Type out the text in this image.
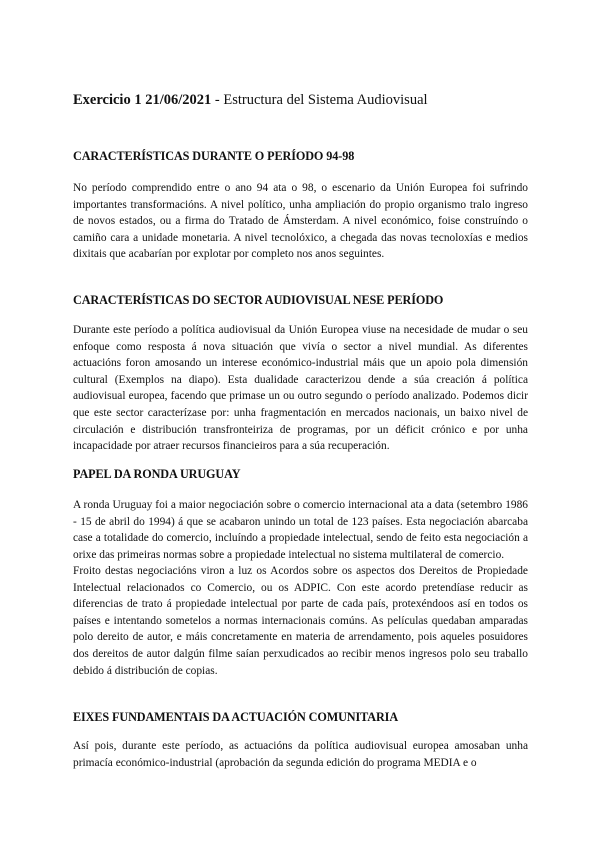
Exercicio 1 21/06/2021 - Estructura del Sistema Audiovisual
CARACTERÍSTICAS DURANTE O PERÍODO 94-98

No período comprendido entre o ano 94 ata o 98, o escenario da Unión Europea foi sufrindo importantes transformacións. A nivel político, unha ampliación do propio organismo tralo ingreso de novos estados, ou a firma do Tratado de Ámsterdam. A nivel económico, foise construíndo o camiño cara a unidade monetaria. A nivel tecnolóxico, a chegada das novas tecnoloxías e medios dixitais que acabarían por explotar por completo nos anos seguintes.

CARACTERÍSTICAS DO SECTOR AUDIOVISUAL NESE PERÍODO

Durante este período a política audiovisual da Unión Europea viuse na necesidade de mudar o seu enfoque como resposta á nova situación que vivía o sector a nivel mundial. As diferentes actuacións foron amosando un interese económico-industrial máis que un apoio pola dimensión cultural (Exemplos na diapo). Esta dualidade caracterizou dende a súa creación á política audiovisual europea, facendo que primase un ou outro segundo o período analizado. Podemos dicir que este sector caracterízase por: unha fragmentación en mercados nacionais, un baixo nivel de circulación e distribución transfronteiriza de programas, por un déficit crónico e por unha incapacidade por atraer recursos financieiros para a súa recuperación.

PAPEL DA RONDA URUGUAY

A ronda Uruguay foi a maior negociación sobre o comercio internacional ata a data (setembro 1986 - 15 de abril do 1994) á que se acabaron unindo un total de 123 países. Esta negociación abarcaba case a totalidade do comercio, incluíndo a propiedade intelectual, sendo de feito esta negociación a orixe das primeiras normas sobre a propiedade intelectual no sistema multilateral de comercio.

Froito destas negociacións viron a luz os Acordos sobre os aspectos dos Dereitos de Propiedade Intelectual relacionados co Comercio, ou os ADPIC. Con este acordo pretendíase reducir as diferencias de trato á propiedade intelectual por parte de cada país, protexéndoos así en todos os países e intentando sometelos a normas internacionais comúns. As películas quedaban amparadas polo dereito de autor, e máis concretamente en materia de arrendamento, pois aqueles posuidores dos dereitos de autor dalgún filme saían perxudicados ao recibir menos ingresos polo seu traballo debido á distribución de copias.

EIXES FUNDAMENTAIS DA ACTUACIÓN COMUNITARIA

Así pois, durante este período, as actuacións da política audiovisual europea amosaban unha primacía económico-industrial (aprobación da segunda edición do programa MEDIA e o
